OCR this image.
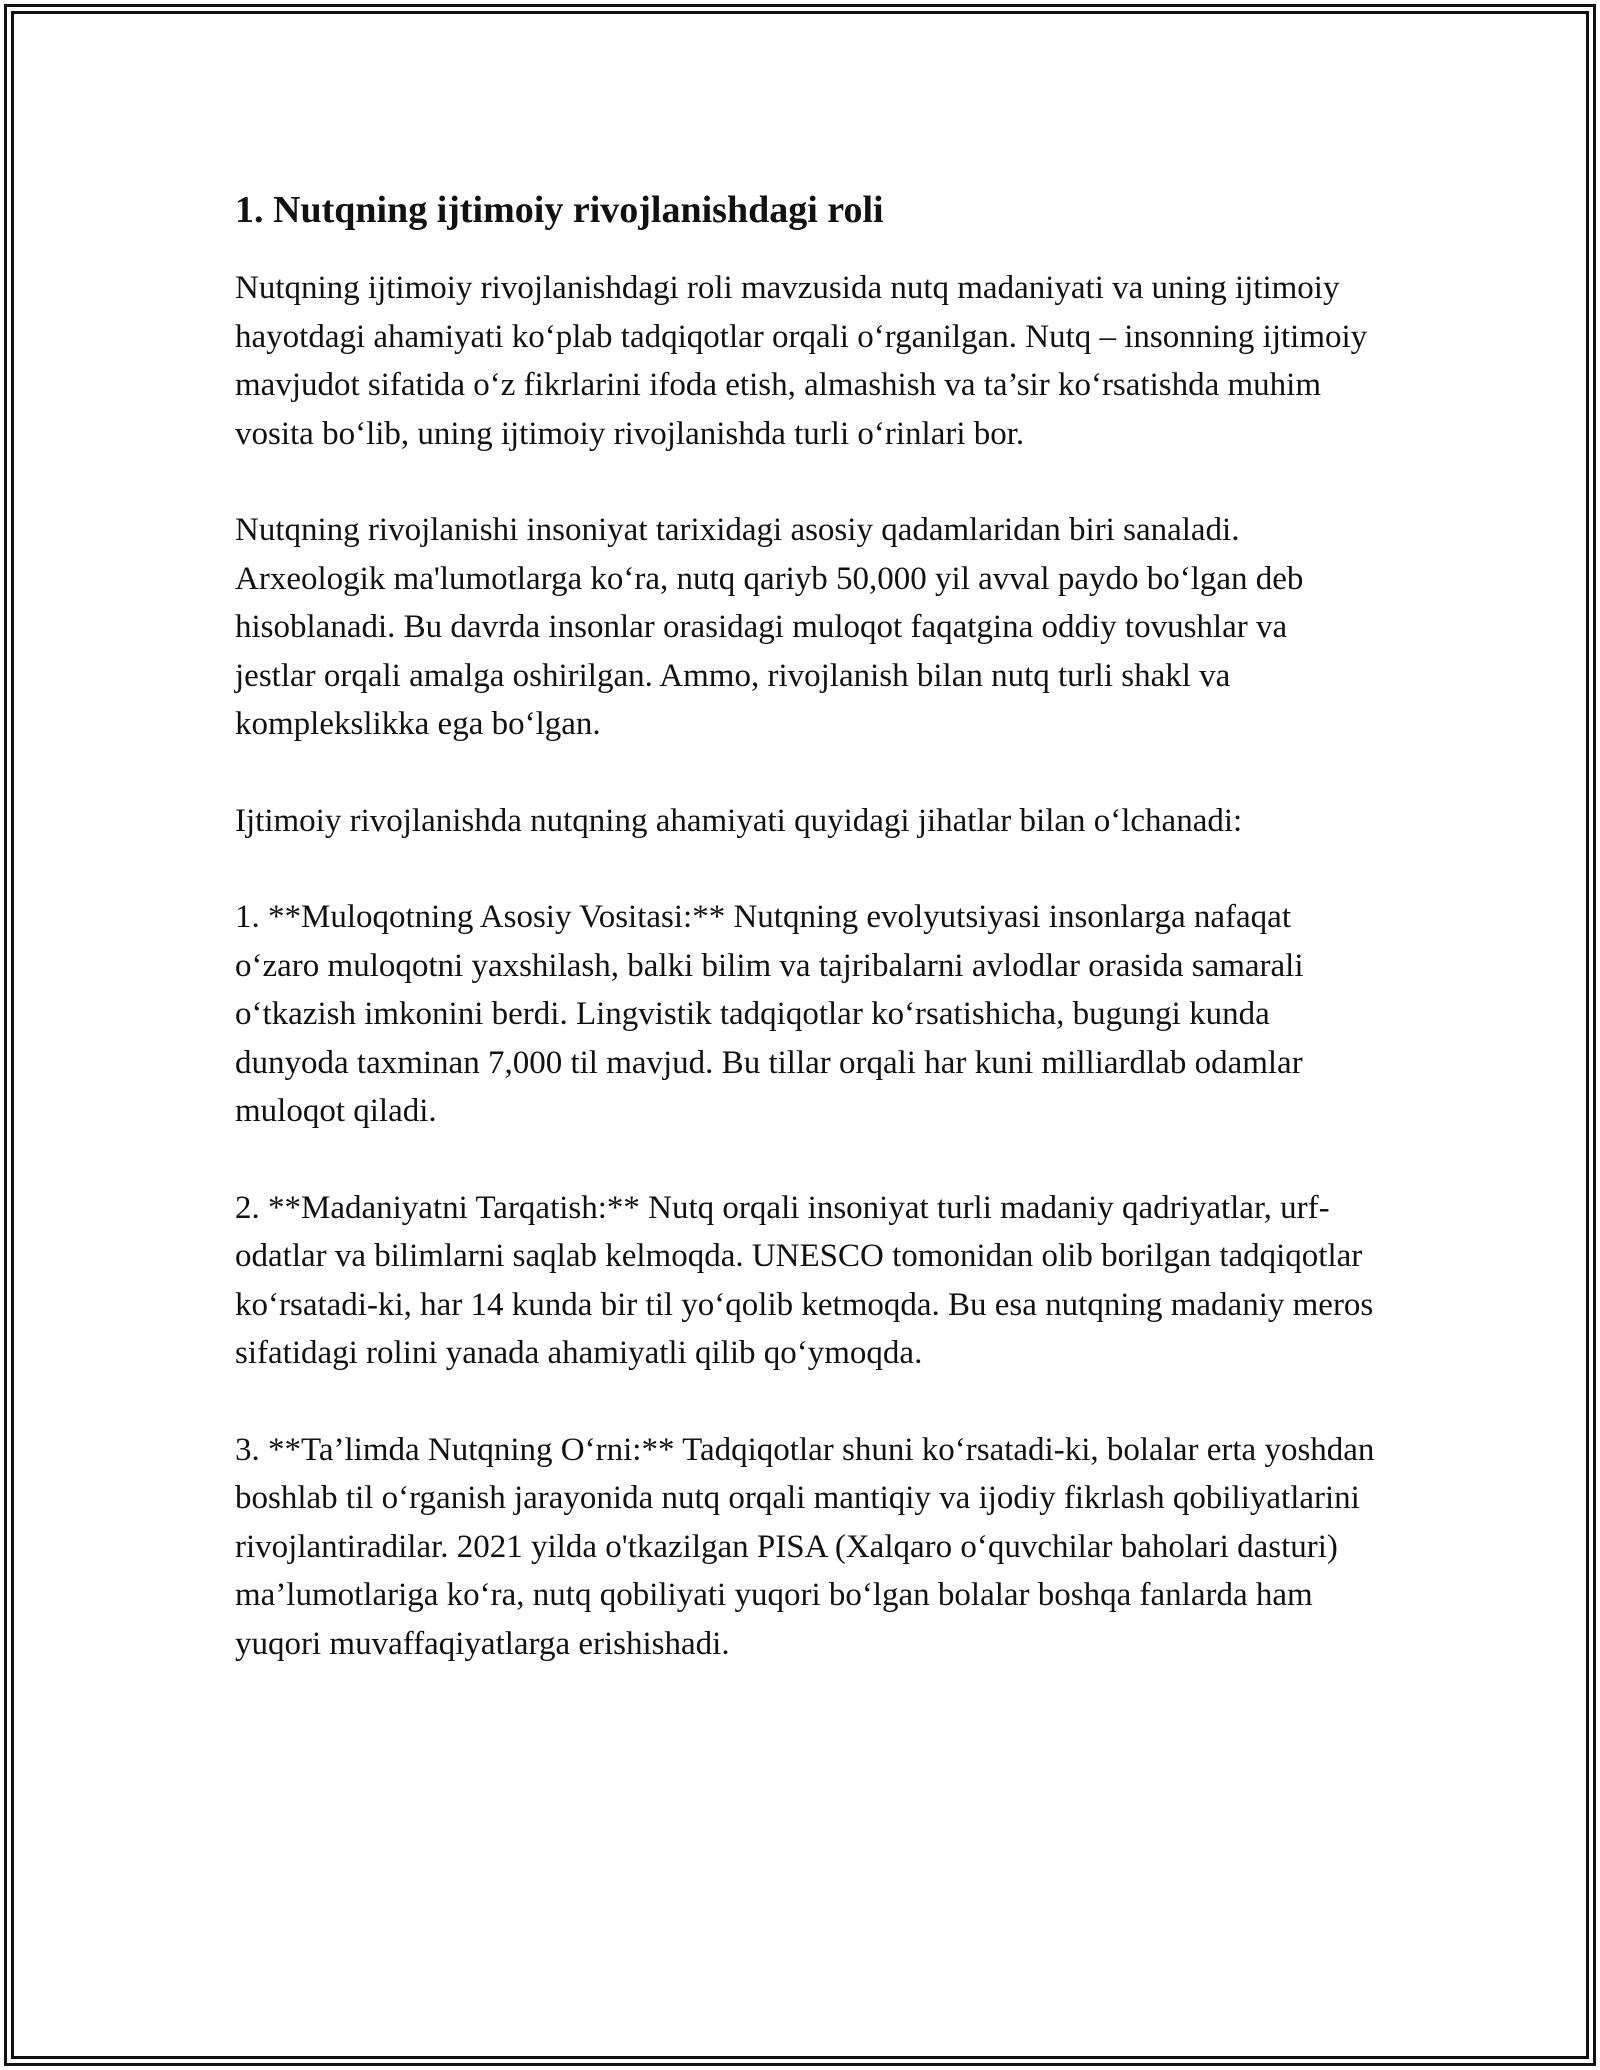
1. Nutqning ijtimoiy rivojlanishdagi roli

Nutqning ijtimoiy rivojlanishdagi roli mavzusida nutq madaniyati va uning ijtimoiy hayotdagi ahamiyati ko‘plab tadqiqotlar orqali o‘rganilgan. Nutq – insonning ijtimoiy mavjudot sifatida o‘z fikrlarini ifoda etish, almashish va ta’sir ko‘rsatishda muhim vosita bo‘lib, uning ijtimoiy rivojlanishda turli o‘rinlari bor.

Nutqning rivojlanishi insoniyat tarixidagi asosiy qadamlaridan biri sanaladi. Arxeologik ma'lumotlarga ko‘ra, nutq qariyb 50,000 yil avval paydo bo‘lgan deb hisoblanadi. Bu davrda insonlar orasidagi muloqot faqatgina oddiy tovushlar va jestlar orqali amalga oshirilgan. Ammo, rivojlanish bilan nutq turli shakl va komplekslikka ega bo‘lgan.

Ijtimoiy rivojlanishda nutqning ahamiyati quyidagi jihatlar bilan o‘lchanadi:

1. **Muloqotning Asosiy Vositasi:** Nutqning evolyutsiyasi insonlarga nafaqat o‘zaro muloqotni yaxshilash, balki bilim va tajribalarni avlodlar orasida samarali o‘tkazish imkonini berdi. Lingvistik tadqiqotlar ko‘rsatishicha, bugungi kunda dunyoda taxminan 7,000 til mavjud. Bu tillar orqali har kuni milliardlab odamlar muloqot qiladi.

2. **Madaniyatni Tarqatish:** Nutq orqali insoniyat turli madaniy qadriyatlar, urf-odatlar va bilimlarni saqlab kelmoqda. UNESCO tomonidan olib borilgan tadqiqotlar ko‘rsatadi-ki, har 14 kunda bir til yo‘qolib ketmoqda. Bu esa nutqning madaniy meros sifatidagi rolini yanada ahamiyatli qilib qo‘ymoqda.

3. **Ta’limda Nutqning O‘rni:** Tadqiqotlar shuni ko‘rsatadi-ki, bolalar erta yoshdan boshlab til o‘rganish jarayonida nutq orqali mantiqiy va ijodiy fikrlash qobiliyatlarini rivojlantiradilar. 2021 yilda o'tkazilgan PISA (Xalqaro o‘quvchilar baholari dasturi) ma’lumotlariga ko‘ra, nutq qobiliyati yuqori bo‘lgan bolalar boshqa fanlarda ham yuqori muvaffaqiyatlarga erishishadi.
